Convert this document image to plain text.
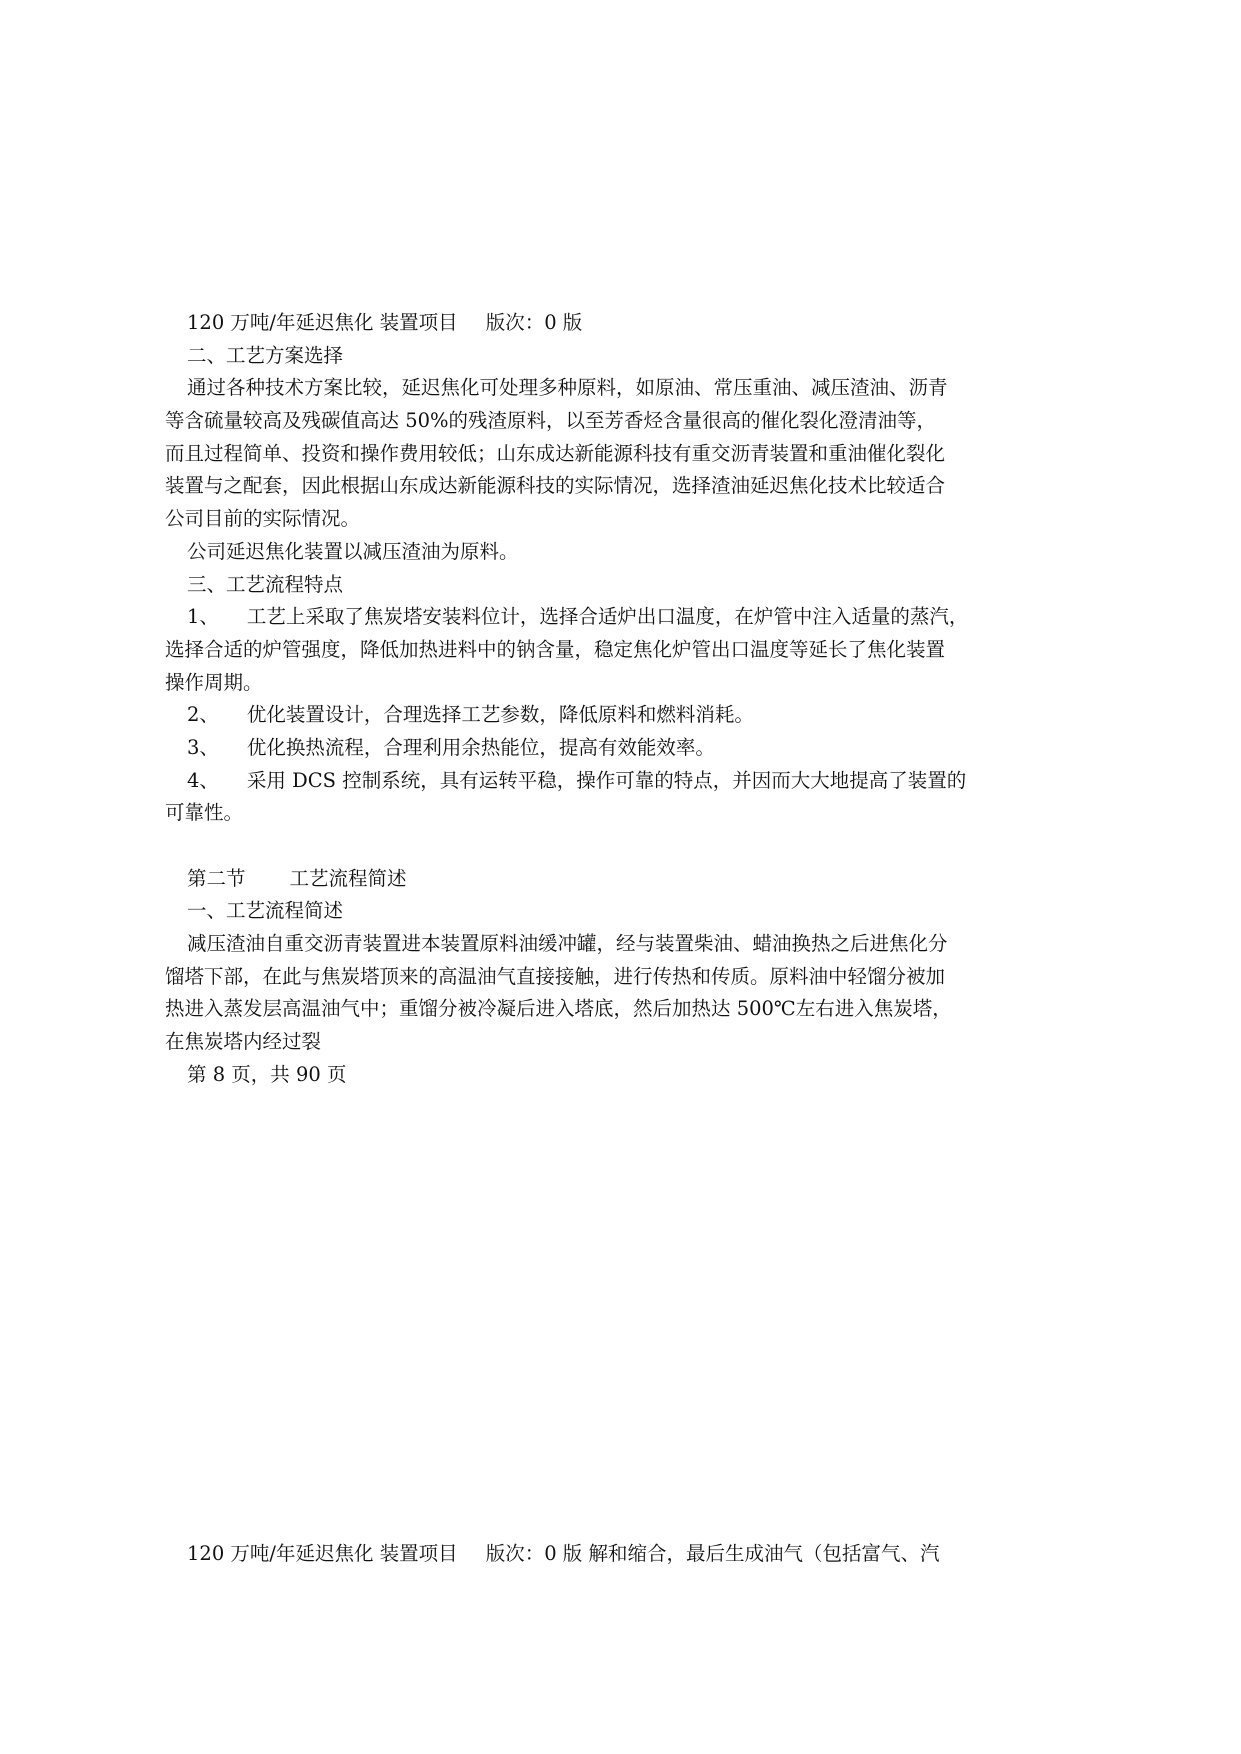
120 万吨/年延迟焦化 装置项目 版次：0 版
二、工艺方案选择
通过各种技术方案比较，延迟焦化可处理多种原料，如原油、常压重油、减压渣油、沥青
等含硫量较高及残碳值高达 50%的残渣原料，以至芳香烃含量很高的催化裂化澄清油等，
而且过程简单、投资和操作费用较低；山东成达新能源科技有重交沥青装置和重油催化裂化
装置与之配套，因此根据山东成达新能源科技的实际情况，选择渣油延迟焦化技术比较适合
公司目前的实际情况。
公司延迟焦化装置以减压渣油为原料。
三、工艺流程特点
1、 工艺上采取了焦炭塔安装料位计，选择合适炉出口温度，在炉管中注入适量的蒸汽，
选择合适的炉管强度，降低加热进料中的钠含量，稳定焦化炉管出口温度等延长了焦化装置
操作周期。
2、 优化装置设计，合理选择工艺参数，降低原料和燃料消耗。
3、 优化换热流程，合理利用余热能位，提高有效能效率。
4、 采用 DCS 控制系统，具有运转平稳，操作可靠的特点，并因而大大地提高了装置的
可靠性。
第二节 工艺流程简述
一、工艺流程简述
减压渣油自重交沥青装置进本装置原料油缓冲罐，经与装置柴油、蜡油换热之后进焦化分
馏塔下部，在此与焦炭塔顶来的高温油气直接接触，进行传热和传质。原料油中轻馏分被加
热进入蒸发层高温油气中；重馏分被冷凝后进入塔底，然后加热达 500℃左右进入焦炭塔，
在焦炭塔内经过裂
第 8 页，共 90 页
120 万吨/年延迟焦化 装置项目 版次：0 版 解和缩合，最后生成油气（包括富气、汽
